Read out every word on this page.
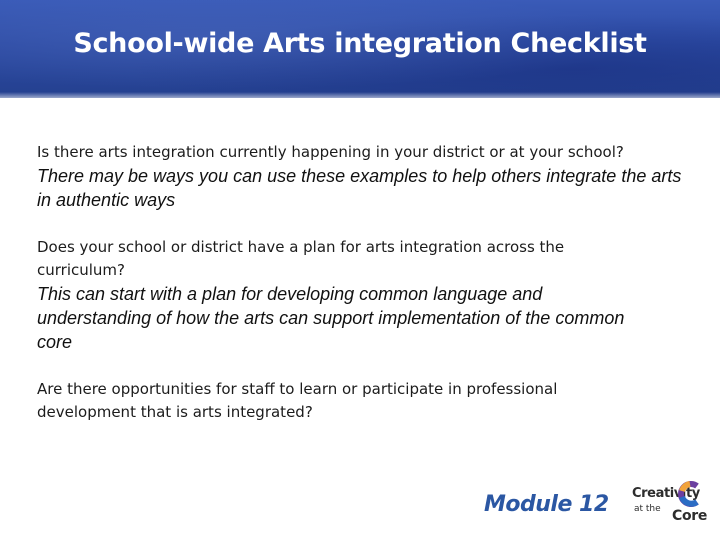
School-wide Arts integration Checklist

Is there arts integration currently happening in your district or at your school?

There may be ways you can use these examples to help others integrate the arts in authentic ways

Does your school or district have a plan for arts integration across the curriculum?

This can start with a plan for developing common language and understanding of how the arts can support implementation of the common core

Are there opportunities for staff to learn or participate in professional development that is arts integrated?

Module 12 Creativity
at the Core
